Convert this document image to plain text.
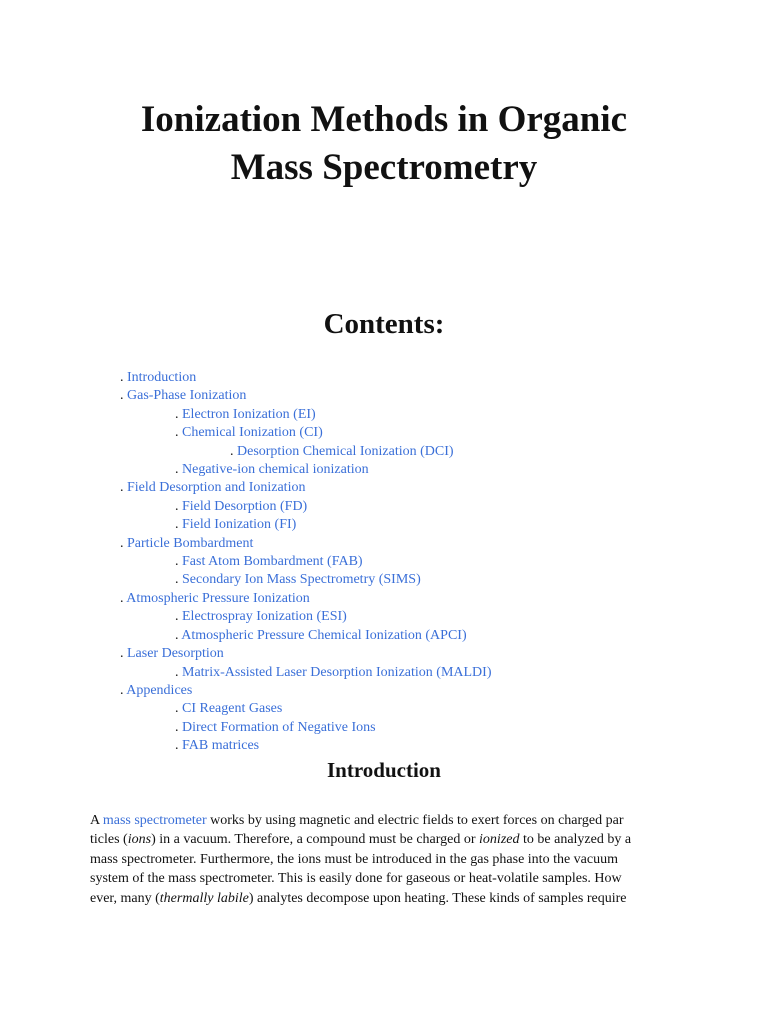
Ionization Methods in Organic
Mass Spectrometry
Contents:
. Introduction
. Gas-Phase Ionization
. Electron Ionization (EI)
. Chemical Ionization (CI)
. Desorption Chemical Ionization (DCI)
. Negative-ion chemical ionization
. Field Desorption and Ionization
. Field Desorption (FD)
. Field Ionization (FI)
. Particle Bombardment
. Fast Atom Bombardment (FAB)
. Secondary Ion Mass Spectrometry (SIMS)
. Atmospheric Pressure Ionization
. Electrospray Ionization (ESI)
. Atmospheric Pressure Chemical Ionization (APCI)
. Laser Desorption
. Matrix-Assisted Laser Desorption Ionization (MALDI)
. Appendices
. CI Reagent Gases
. Direct Formation of Negative Ions
. FAB matrices
Introduction

A mass spectrometer works by using magnetic and electric fields to exert forces on charged par
ticles (ions) in a vacuum. Therefore, a compound must be charged or ionized to be analyzed by a
mass spectrometer. Furthermore, the ions must be introduced in the gas phase into the vacuum
system of the mass spectrometer. This is easily done for gaseous or heat-volatile samples. How
ever, many (thermally labile) analytes decompose upon heating. These kinds of samples require
